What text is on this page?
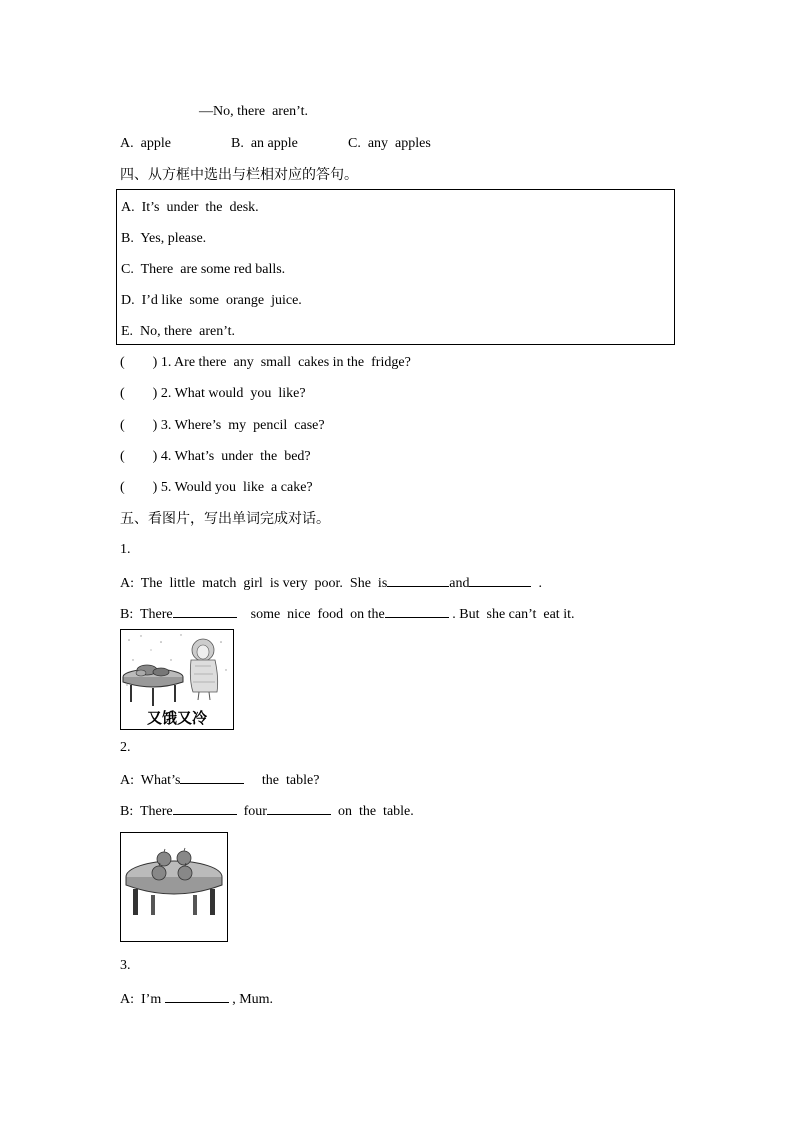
—No, there  aren’t.
A.  apple	B.  an apple	C.  any  apples
四、从方框中选出与栏相对应的答句。
A.  It’s  under  the  desk.
B.  Yes, please.
C.  There  are some red balls.
D.  I’d like  some  orange  juice.
E.  No, there  aren’t.
(        ) 1. Are there  any  small  cakes in the  fridge?
(        ) 2. What would  you  like?
(        ) 3. Where’s  my  pencil  case?
(        ) 4. What’s  under  the  bed?
(        ) 5. Would you  like  a cake?
五、看图片，写出单词完成对话。
1.
A:  The  little  match  girl  is very  poor.  She  is	and	.
B:  There	some  nice  food  on the	. But  she can’t  eat it.
又饿又冷
2.
A:  What’s	the  table?
B:  There	four	on  the  table.
3.
A:  I’m	, Mum.
